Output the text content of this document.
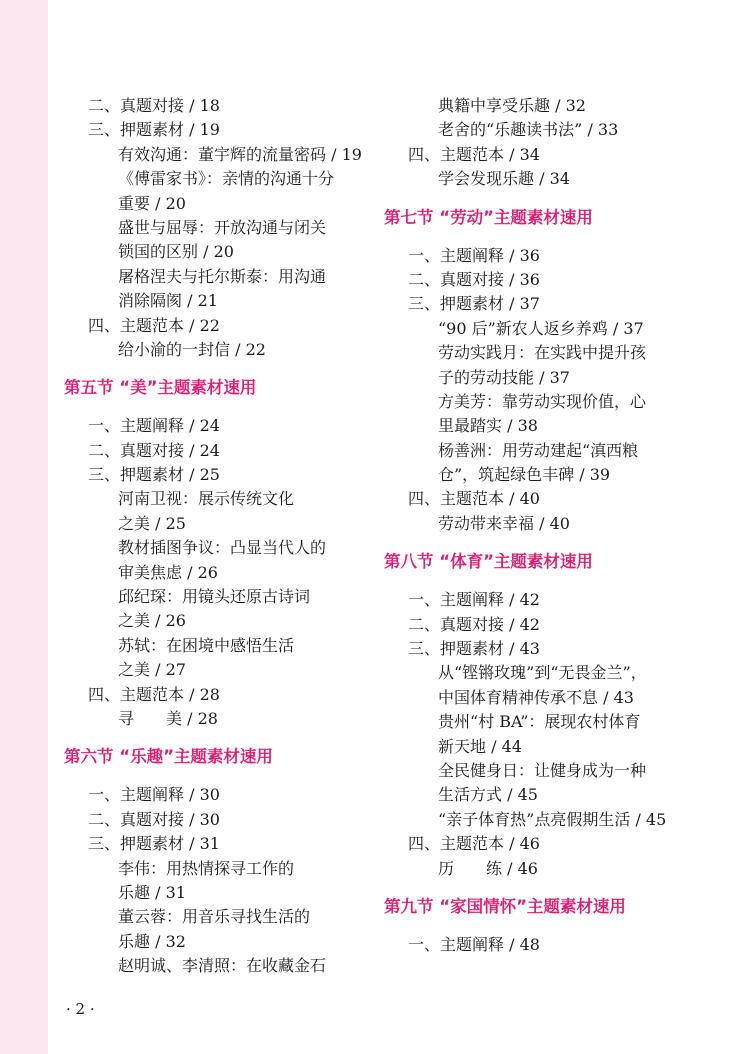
二、真题对接 / 18
三、押题素材 / 19
有效沟通：董宇辉的流量密码 / 19
《傅雷家书》：亲情的沟通十分
重要 / 20
盛世与屈辱：开放沟通与闭关
锁国的区别 / 20
屠格涅夫与托尔斯泰：用沟通
消除隔阂 / 21
四、主题范本 / 22
给小渝的一封信 / 22
第五节 “美”主题素材速用
一、主题阐释 / 24
二、真题对接 / 24
三、押题素材 / 25
河南卫视：展示传统文化
之美 / 25
教材插图争议：凸显当代人的
审美焦虑 / 26
邱纪琛：用镜头还原古诗词
之美 / 26
苏轼：在困境中感悟生活
之美 / 27
四、主题范本 / 28
寻　　美 / 28
第六节 “乐趣”主题素材速用
一、主题阐释 / 30
二、真题对接 / 30
三、押题素材 / 31
李伟：用热情探寻工作的
乐趣 / 31
董云蓉：用音乐寻找生活的
乐趣 / 32
赵明诚、李清照：在收藏金石
典籍中享受乐趣 / 32
老舍的“乐趣读书法” / 33
四、主题范本 / 34
学会发现乐趣 / 34
第七节 “劳动”主题素材速用
一、主题阐释 / 36
二、真题对接 / 36
三、押题素材 / 37
“90 后”新农人返乡养鸡 / 37
劳动实践月：在实践中提升孩
子的劳动技能 / 37
方美芳：靠劳动实现价值，心
里最踏实 / 38
杨善洲：用劳动建起“滇西粮
仓”，筑起绿色丰碑 / 39
四、主题范本 / 40
劳动带来幸福 / 40
第八节 “体育”主题素材速用
一、主题阐释 / 42
二、真题对接 / 42
三、押题素材 / 43
从“铿锵玫瑰”到“无畏金兰”，
中国体育精神传承不息 / 43
贵州“村 BA”：展现农村体育
新天地 / 44
全民健身日：让健身成为一种
生活方式 / 45
“亲子体育热”点亮假期生活 / 45
四、主题范本 / 46
历　　练 / 46
第九节 “家国情怀”主题素材速用
一、主题阐释 / 48
· 2 ·
